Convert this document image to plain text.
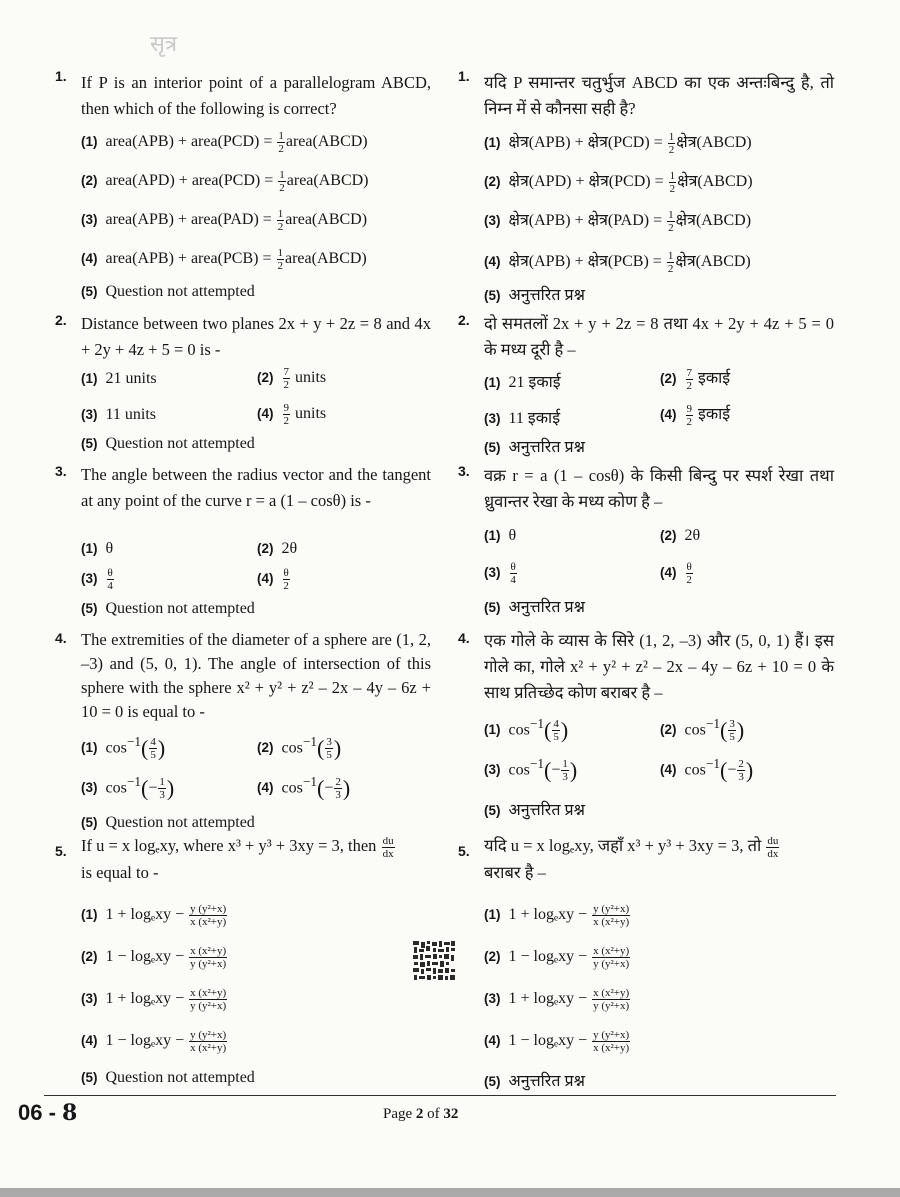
सृत्र
1. If P is an interior point of a parallelogram ABCD, then which of the following is correct?
(1) area(APB) + area(PCD) = $\frac{1}{2}$ area(ABCD)
(2) area(APD) + area(PCD) = $\frac{1}{2}$ area(ABCD)
(3) area(APB) + area(PAD) = $\frac{1}{2}$ area(ABCD)
(4) area(APB) + area(PCB) = $\frac{1}{2}$ area(ABCD)
(5) Question not attempted
2. Distance between two planes 2x + y + 2z = 8 and 4x + 2y + 4z + 5 = 0 is -
(1) 21 units	$(2) \frac{7}{2}$ units
(3) 11 units	$(4) \frac{9}{2}$ units
(5) Question not attempted
3. The angle between the radius vector and the tangent at any point of the curve r = a (1 – cosθ) is -
(1) θ	(2) 2θ
$(3) \frac{\theta}{4}$	$(4) \frac{\theta}{2}$
(5) Question not attempted
4. The extremities of the diameter of a sphere are (1, 2, –3) and (5, 0, 1). The angle of intersection of this sphere with the sphere x² + y² + z² – 2x – 4y – 6z + 10 = 0 is equal to -
(1) $\cos^{-1}( \frac{4}{5}$ )	(2) $\cos^{-1}( \frac{3}{5}$ )
(3) $\cos^{-1}(- \frac{1}{3}$ )	(4) $\cos^{-1}(- \frac{2}{3}$ )
(5) Question not attempted
5. If u = x logₑxy, where x³ + y³ + 3xy = 3, then $\frac{du}{dx}$

is equal to -
(1) $1 + \log_exy - \frac{\text{y (y²+x)}}{\text{x (x²+y)}}$
(2) $1 - \log_exy - \frac{\text{x (x²+y)}}{\text{y (y²+x)}}$
(3) $1 + \log_exy - \frac{\text{x (x²+y)}}{\text{y (y²+x)}}$
(4) $1 - \log_exy - \frac{\text{y (y²+x)}}{\text{x (x²+y)}}$
(5) Question not attempted
1. यदि P समान्तर चतुर्भुज ABCD का एक अन्तःबिन्दु है, तो निम्न में से कौनसा सही है?
(1) क्षेत्र(APB) + क्षेत्र(PCD) = $\frac{1}{2}$ क्षेत्र(ABCD)
(2) क्षेत्र(APD) + क्षेत्र(PCD) = $\frac{1}{2}$ क्षेत्र(ABCD)
(3) क्षेत्र(APB) + क्षेत्र(PAD) = $\frac{1}{2}$ क्षेत्र(ABCD)
(4) क्षेत्र(APB) + क्षेत्र(PCB) = $\frac{1}{2}$ क्षेत्र(ABCD)
(5) अनुत्तरित प्रश्न
2. दो समतलों 2x + y + 2z = 8 तथा 4x + 2y + 4z + 5 = 0 के मध्य दूरी है –
(1) 21 इकाई	$(2) \frac{7}{2}$ इकाई
(3) 11 इकाई	$(4) \frac{9}{2}$ इकाई
(5) अनुत्तरित प्रश्न
3. वक्र r = a (1 – cosθ) के किसी बिन्दु पर स्पर्श रेखा तथा ध्रुवान्तर रेखा के मध्य कोण है –
(1) θ	(2) 2θ
$(3) \frac{\theta}{4}$	$(4) \frac{\theta}{2}$
(5) अनुत्तरित प्रश्न
4. एक गोले के व्यास के सिरे (1, 2, –3) और (5, 0, 1) हैं। इस गोले का, गोले x² + y² + z² – 2x – 4y – 6z + 10 = 0 के साथ प्रतिच्छेद कोण बराबर है –
(1) $\cos^{-1}( \frac{4}{5}$ )	(2) $\cos^{-1}( \frac{3}{5}$ )
(3) $\cos^{-1}(- \frac{1}{3}$ )	(4) $\cos^{-1}(- \frac{2}{3}$ )
(5) अनुत्तरित प्रश्न
5. यदि u = x logₑxy, जहाँ x³ + y³ + 3xy = 3, तो $\frac{du}{dx}$

बराबर है –
(1) $1 + \log_exy - \frac{\text{y (y²+x)}}{\text{x (x²+y)}}$
(2) $1 - \log_exy - \frac{\text{x (x²+y)}}{\text{y (y²+x)}}$
(3) $1 + \log_exy - \frac{\text{x (x²+y)}}{\text{y (y²+x)}}$
(4) $1 - \log_exy - \frac{\text{y (y²+x)}}{\text{x (x²+y)}}$
(5) अनुत्तरित प्रश्न
06 - 8	Page 2 of 32
